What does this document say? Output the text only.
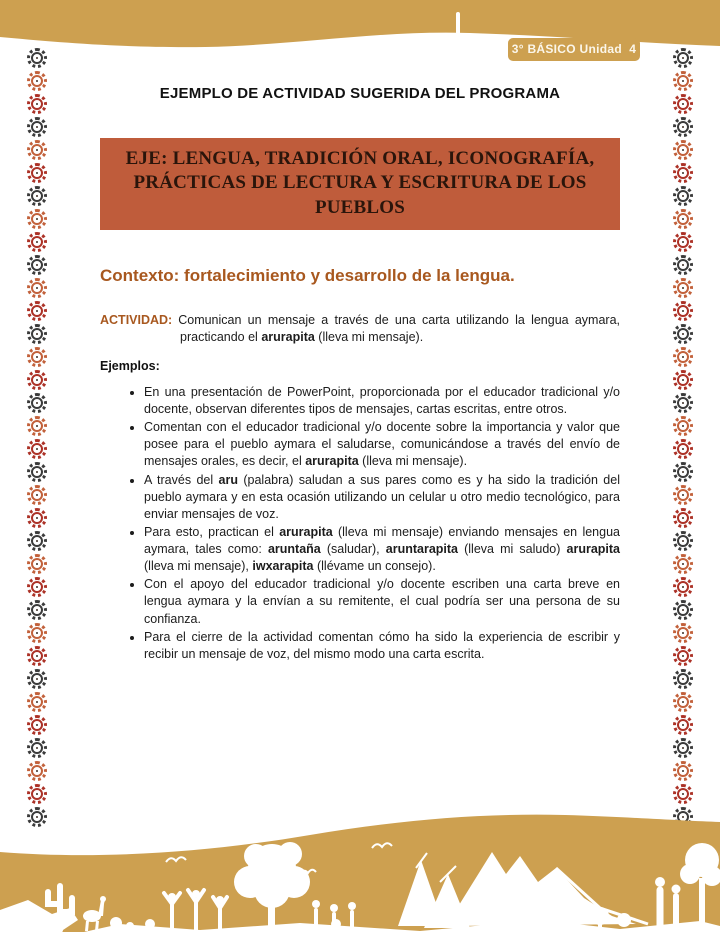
3° BÁSICO Unidad  4
EJEMPLO DE ACTIVIDAD SUGERIDA DEL PROGRAMA
EJE: LENGUA, TRADICIÓN ORAL, ICONOGRAFÍA,
PRÁCTICAS DE LECTURA Y ESCRITURA DE LOS PUEBLOS
Contexto: fortalecimiento y desarrollo de la lengua.

ACTIVIDAD: Comunican un mensaje a través de una carta utilizando la lengua aymara, practicando el arurapita (lleva mi mensaje).

Ejemplos:
• En una presentación de PowerPoint, proporcionada por el educador tradicional y/o docente, observan diferentes tipos de mensajes, cartas escritas, entre otros.
• Comentan con el educador tradicional y/o docente sobre la importancia y valor que posee para el pueblo aymara el saludarse, comunicándose a través del envío de mensajes orales, es decir, el arurapita (lleva mi mensaje).
• A través del aru (palabra) saludan a sus pares como es y ha sido la tradición del pueblo aymara y en esta ocasión utilizando un celular u otro medio tecnológico, para enviar mensajes de voz.
• Para esto, practican el arurapita (lleva mi mensaje) enviando mensajes en lengua aymara, tales como: aruntaña (saludar), aruntarapita (lleva mi saludo) arurapita (lleva mi mensaje), iwxarapita (llévame un consejo).
• Con el apoyo del educador tradicional y/o docente escriben una carta breve en lengua aymara y la envían a su remitente, el cual podría ser una persona de su confianza.
• Para el cierre de la actividad comentan cómo ha sido la experiencia de escribir y recibir un mensaje de voz, del mismo modo una carta escrita.
